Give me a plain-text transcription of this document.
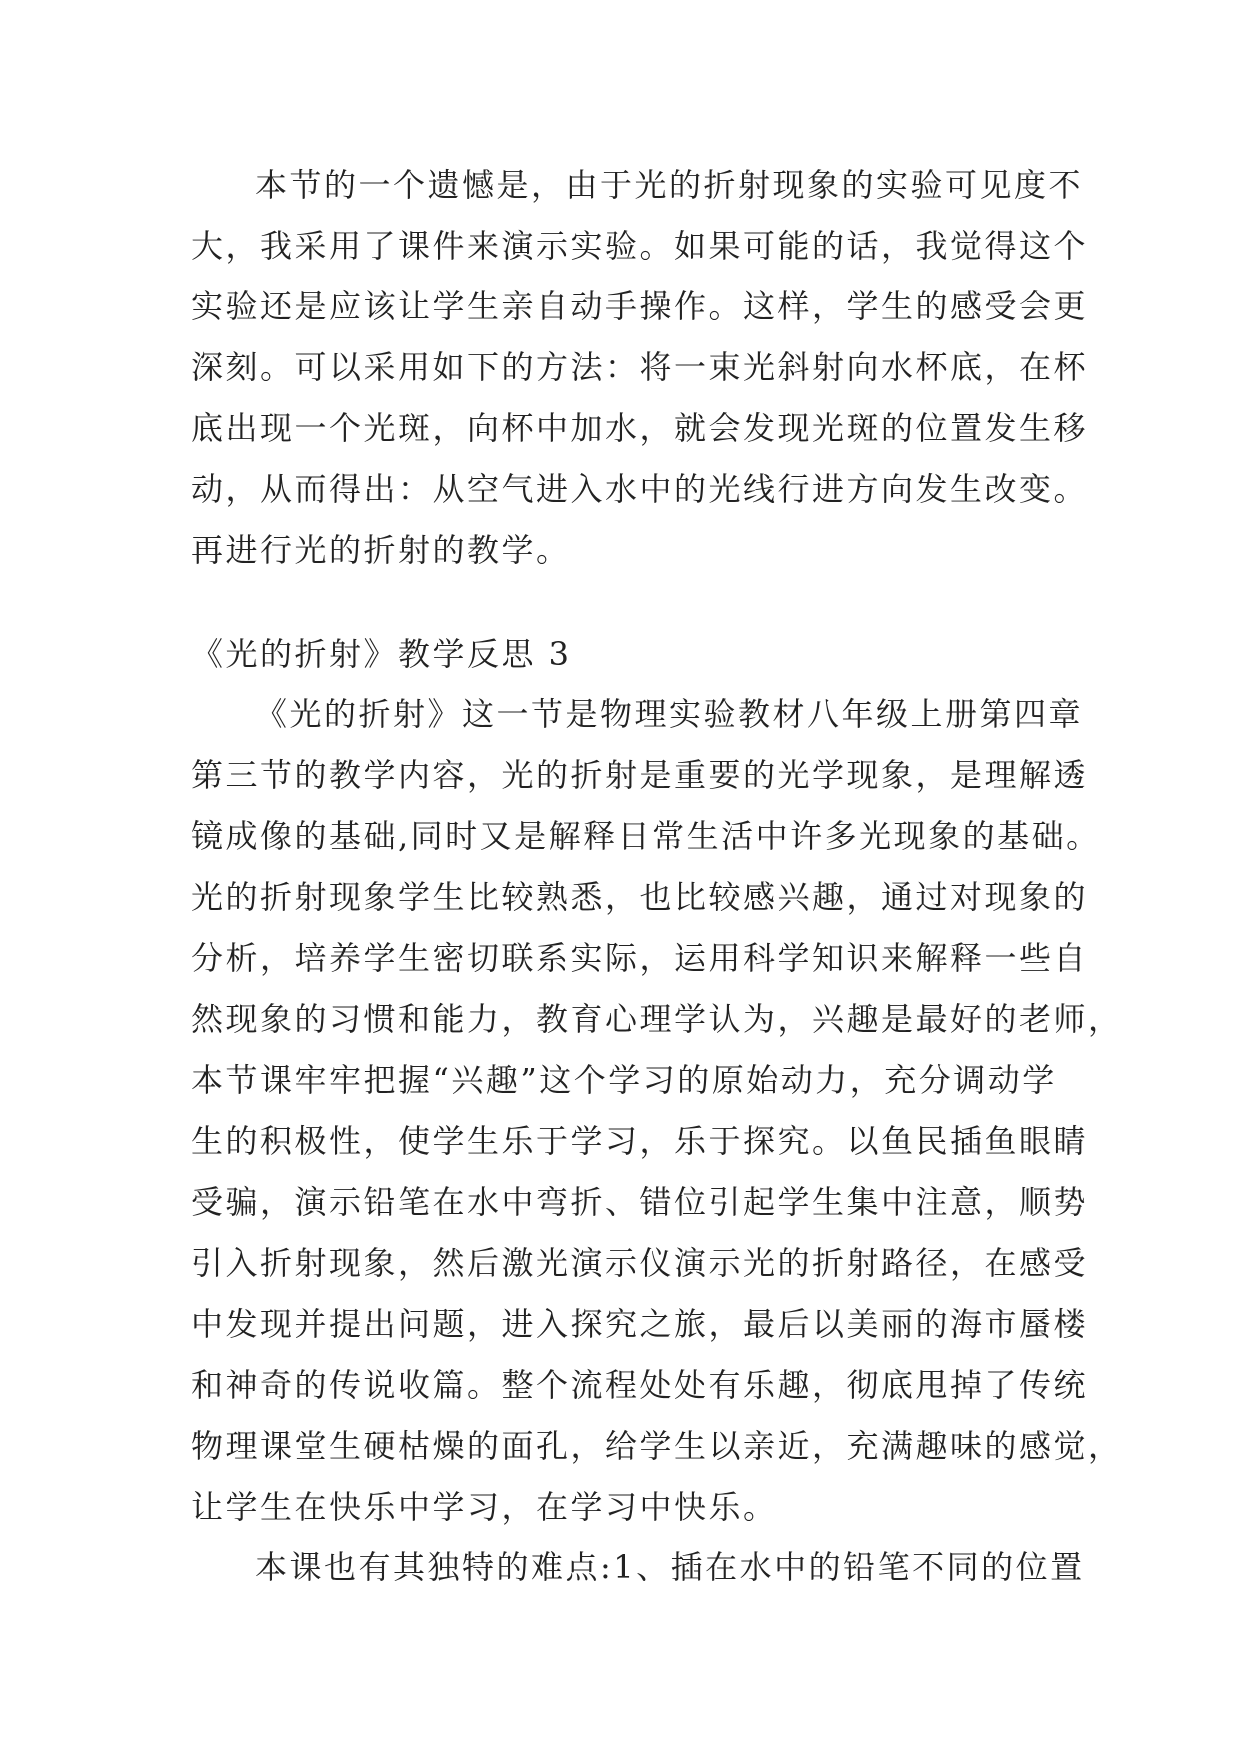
本节的一个遗憾是，由于光的折射现象的实验可见度不

大，我采用了课件来演示实验。如果可能的话，我觉得这个

实验还是应该让学生亲自动手操作。这样，学生的感受会更

深刻。可以采用如下的方法：将一束光斜射向水杯底，在杯

底出现一个光斑，向杯中加水，就会发现光斑的位置发生移

动，从而得出：从空气进入水中的光线行进方向发生改变。

再进行光的折射的教学。

《光的折射》教学反思 3

《光的折射》这一节是物理实验教材八年级上册第四章

第三节的教学内容，光的折射是重要的光学现象，是理解透

镜成像的基础,同时又是解释日常生活中许多光现象的基础。

光的折射现象学生比较熟悉，也比较感兴趣，通过对现象的

分析，培养学生密切联系实际，运用科学知识来解释一些自

然现象的习惯和能力，教育心理学认为，兴趣是最好的老师，

本节课牢牢把握“兴趣”这个学习的原始动力，充分调动学

生的积极性，使学生乐于学习，乐于探究。以鱼民插鱼眼睛

受骗，演示铅笔在水中弯折、错位引起学生集中注意，顺势

引入折射现象，然后激光演示仪演示光的折射路径，在感受

中发现并提出问题，进入探究之旅，最后以美丽的海市蜃楼

和神奇的传说收篇。整个流程处处有乐趣，彻底甩掉了传统

物理课堂生硬枯燥的面孔，给学生以亲近，充满趣味的感觉，

让学生在快乐中学习，在学习中快乐。

本课也有其独特的难点:1、插在水中的铅笔不同的位置
